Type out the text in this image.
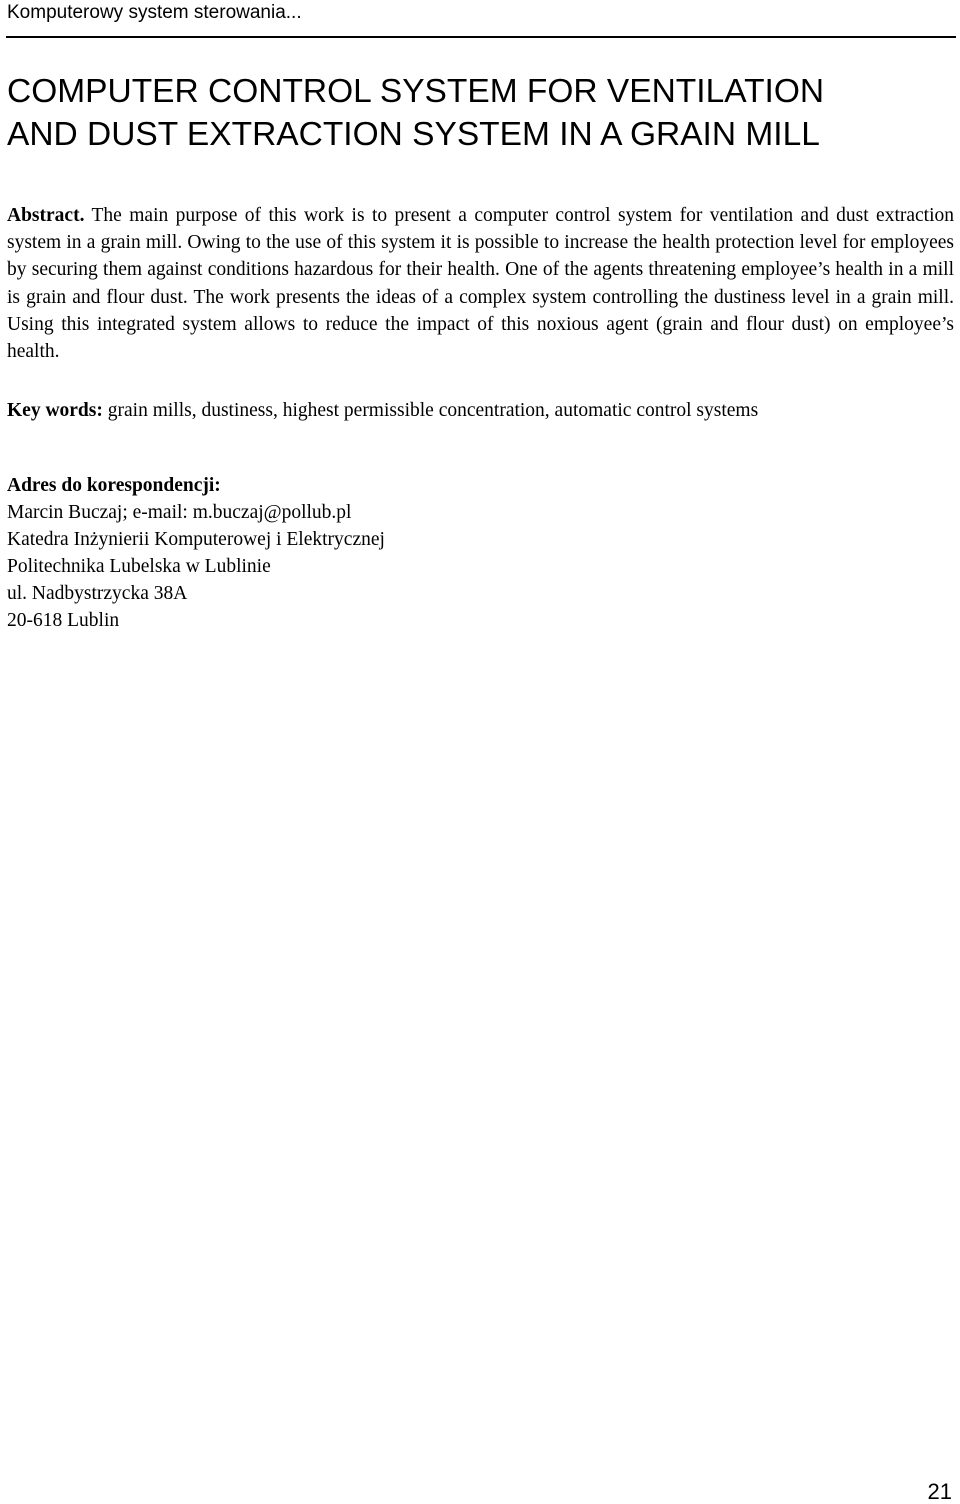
Komputerowy system sterowania...
COMPUTER CONTROL SYSTEM FOR VENTILATION
AND DUST EXTRACTION SYSTEM IN A GRAIN MILL

Abstract. The main purpose of this work is to present a computer control system for ventilation and dust extraction system in a grain mill. Owing to the use of this system it is possible to increase the health protection level for employees by securing them against conditions hazardous for their health. One of the agents threatening employee’s health in a mill is grain and flour dust. The work presents the ideas of a complex system controlling the dustiness level in a grain mill. Using this integrated system allows to reduce the impact of this noxious agent (grain and flour dust) on employee’s health.

Key words: grain mills, dustiness, highest permissible concentration, automatic control systems

Adres do korespondencji:
Marcin Buczaj; e-mail: m.buczaj@pollub.pl
Katedra Inżynierii Komputerowej i Elektrycznej
Politechnika Lubelska w Lublinie
ul. Nadbystrzycka 38A
20-618 Lublin
21
